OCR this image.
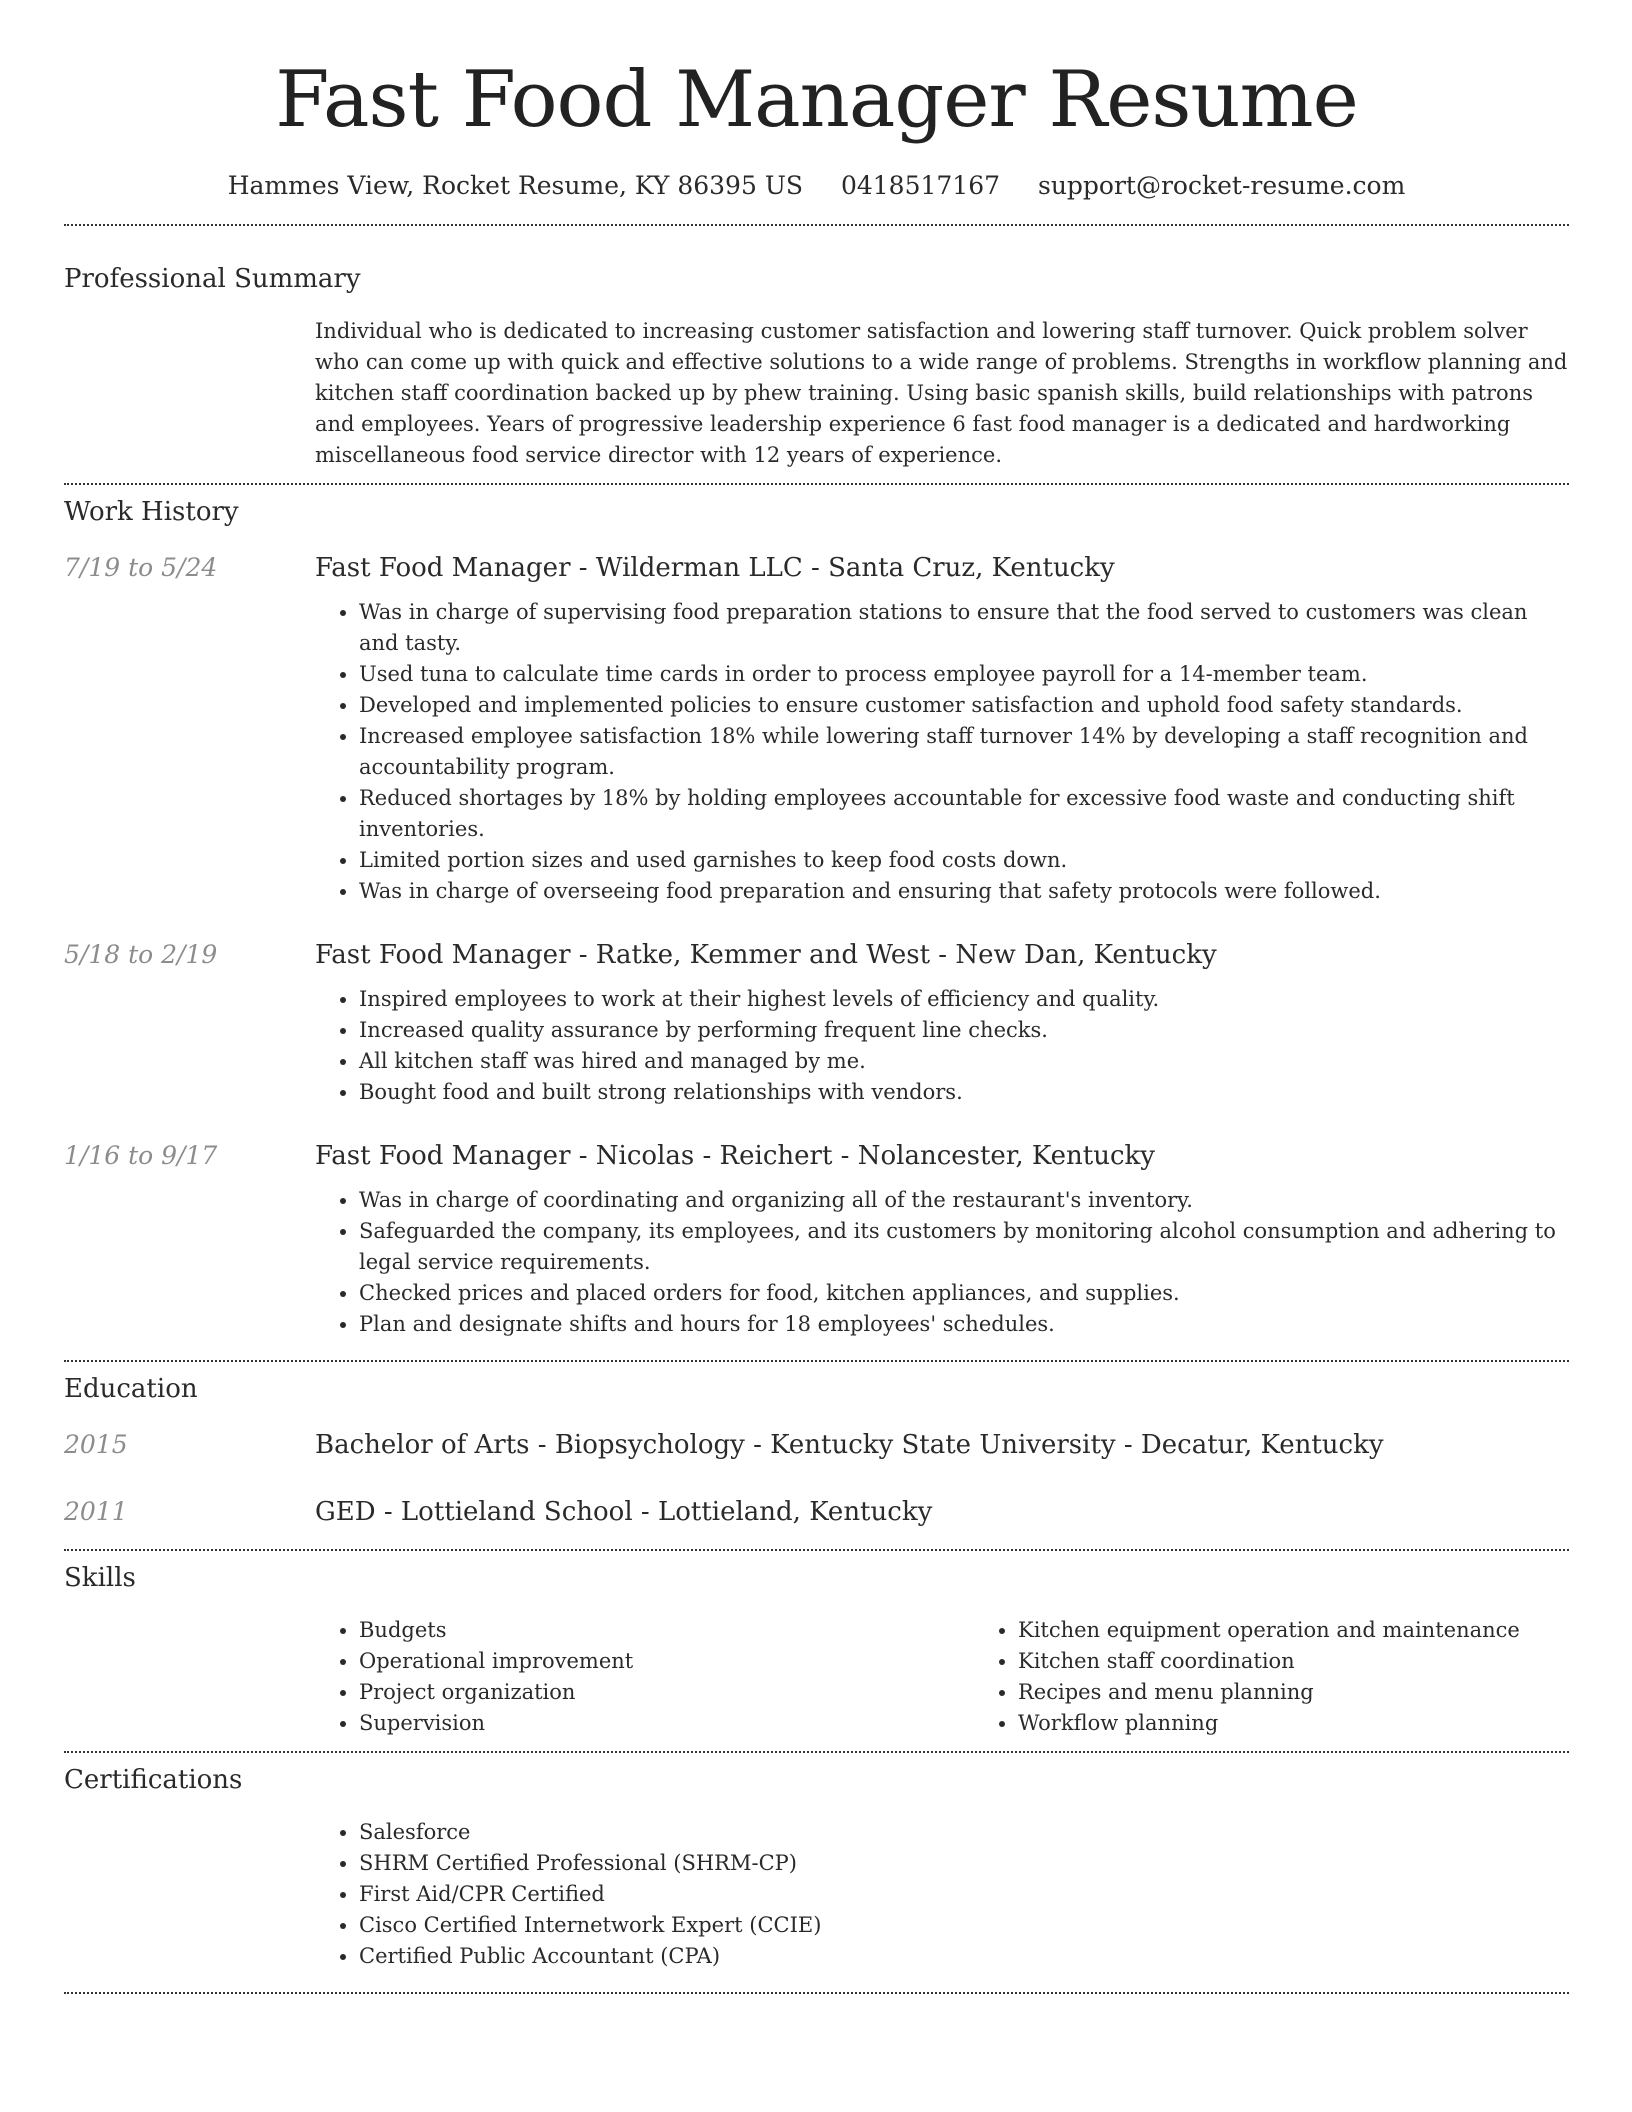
Fast Food Manager Resume
Hammes View, Rocket Resume, KY 86395 US 0418517167 support@rocket-resume.com
Professional Summary
Individual who is dedicated to increasing customer satisfaction and lowering staff turnover. Quick problem solver who can come up with quick and effective solutions to a wide range of problems. Strengths in workflow planning and kitchen staff coordination backed up by phew training. Using basic spanish skills, build relationships with patrons and employees. Years of progressive leadership experience 6 fast food manager is a dedicated and hardworking miscellaneous food service director with 12 years of experience.
Work History
7/19 to 5/24	Fast Food Manager - Wilderman LLC - Santa Cruz, Kentucky
• Was in charge of supervising food preparation stations to ensure that the food served to customers was clean and tasty.
• Used tuna to calculate time cards in order to process employee payroll for a 14-member team.
• Developed and implemented policies to ensure customer satisfaction and uphold food safety standards.
• Increased employee satisfaction 18% while lowering staff turnover 14% by developing a staff recognition and accountability program.
• Reduced shortages by 18% by holding employees accountable for excessive food waste and conducting shift inventories.
• Limited portion sizes and used garnishes to keep food costs down.
• Was in charge of overseeing food preparation and ensuring that safety protocols were followed.
5/18 to 2/19	Fast Food Manager - Ratke, Kemmer and West - New Dan, Kentucky
• Inspired employees to work at their highest levels of efficiency and quality.
• Increased quality assurance by performing frequent line checks.
• All kitchen staff was hired and managed by me.
• Bought food and built strong relationships with vendors.
1/16 to 9/17	Fast Food Manager - Nicolas - Reichert - Nolancester, Kentucky
• Was in charge of coordinating and organizing all of the restaurant's inventory.
• Safeguarded the company, its employees, and its customers by monitoring alcohol consumption and adhering to legal service requirements.
• Checked prices and placed orders for food, kitchen appliances, and supplies.
• Plan and designate shifts and hours for 18 employees' schedules.
Education
2015	Bachelor of Arts - Biopsychology - Kentucky State University - Decatur, Kentucky
2011	GED - Lottieland School - Lottieland, Kentucky
Skills
• Budgets
• Operational improvement
• Project organization
• Supervision
• Kitchen equipment operation and maintenance
• Kitchen staff coordination
• Recipes and menu planning
• Workflow planning
Certifications
• Salesforce
• SHRM Certified Professional (SHRM-CP)
• First Aid/CPR Certified
• Cisco Certified Internetwork Expert (CCIE)
• Certified Public Accountant (CPA)
